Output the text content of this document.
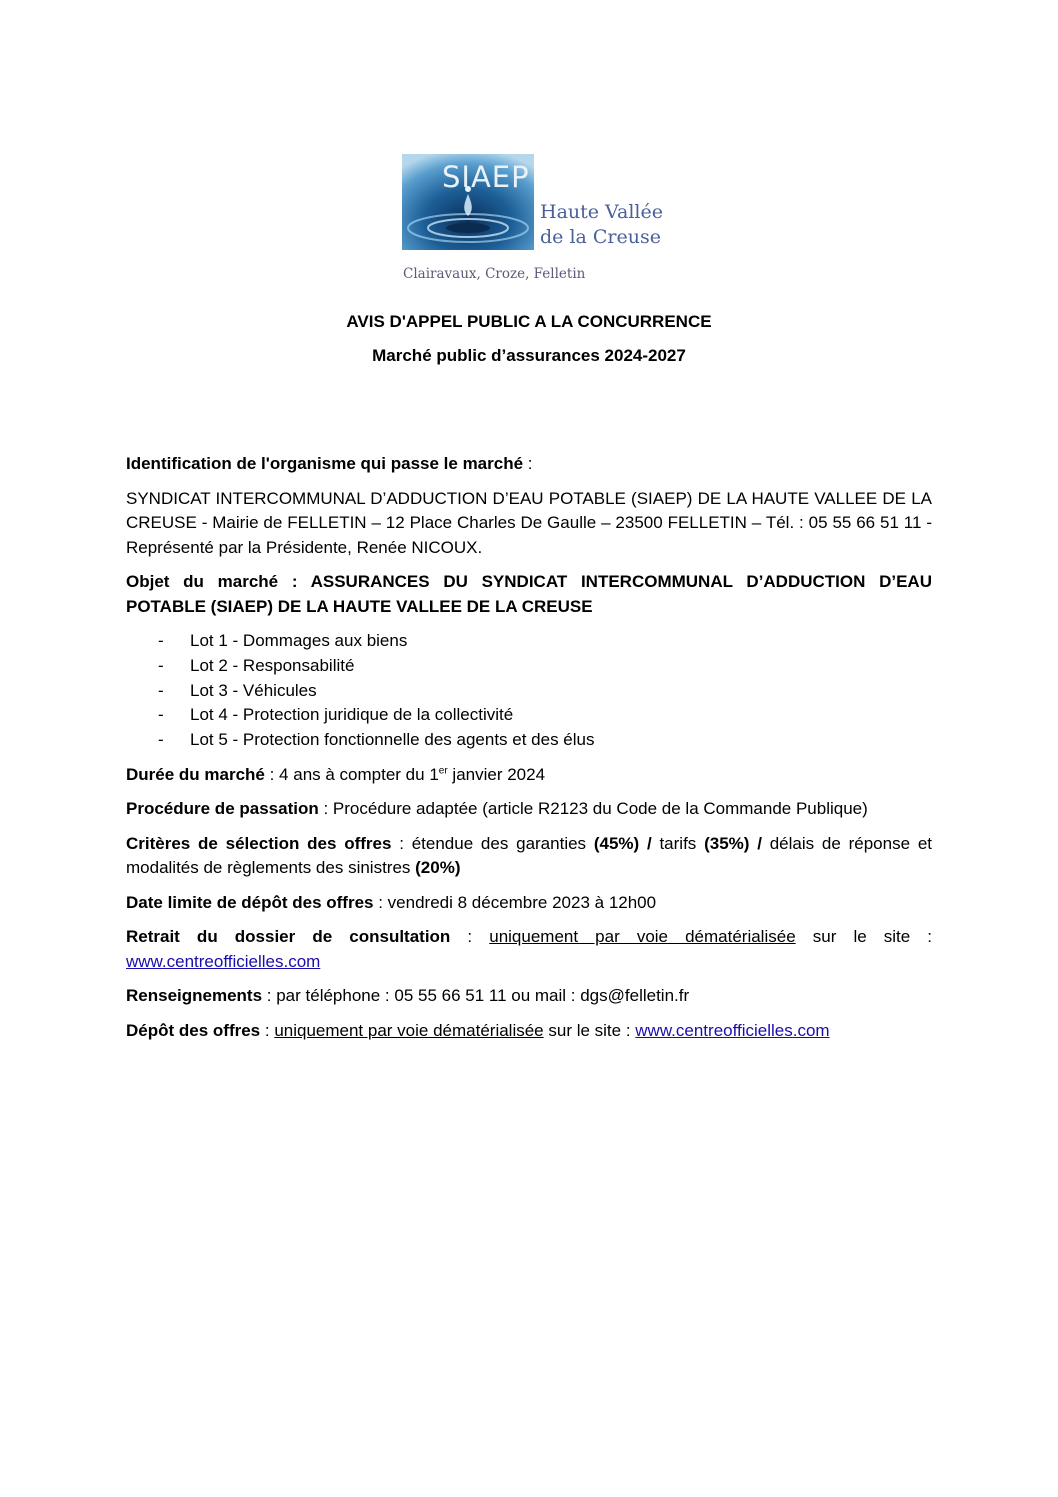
SIAEP
Haute Vallée
de la Creuse
Clairavaux, Croze, Felletin
AVIS D'APPEL PUBLIC A LA CONCURRENCE
Marché public d’assurances 2024-2027

Identification de l'organisme qui passe le marché :

SYNDICAT INTERCOMMUNAL D’ADDUCTION D’EAU POTABLE (SIAEP) DE LA HAUTE VALLEE DE LA CREUSE - Mairie de FELLETIN – 12 Place Charles De Gaulle – 23500 FELLETIN – Tél. : 05 55 66 51 11 - Représenté par la Présidente, Renée NICOUX.

Objet du marché : ASSURANCES DU SYNDICAT INTERCOMMUNAL D’ADDUCTION D’EAU POTABLE (SIAEP) DE LA HAUTE VALLEE DE LA CREUSE

- Lot 1 - Dommages aux biens
- Lot 2 - Responsabilité
- Lot 3 - Véhicules
- Lot 4 - Protection juridique de la collectivité
- Lot 5 - Protection fonctionnelle des agents et des élus

Durée du marché : 4 ans à compter du 1er janvier 2024

Procédure de passation : Procédure adaptée (article R2123 du Code de la Commande Publique)

Critères de sélection des offres : étendue des garanties (45%) / tarifs (35%) / délais de réponse et modalités de règlements des sinistres (20%)

Date limite de dépôt des offres : vendredi 8 décembre 2023 à 12h00

Retrait du dossier de consultation : uniquement par voie dématérialisée sur le site : www.centreofficielles.com

Renseignements : par téléphone : 05 55 66 51 11 ou mail : dgs@felletin.fr

Dépôt des offres : uniquement par voie dématérialisée sur le site : www.centreofficielles.com
